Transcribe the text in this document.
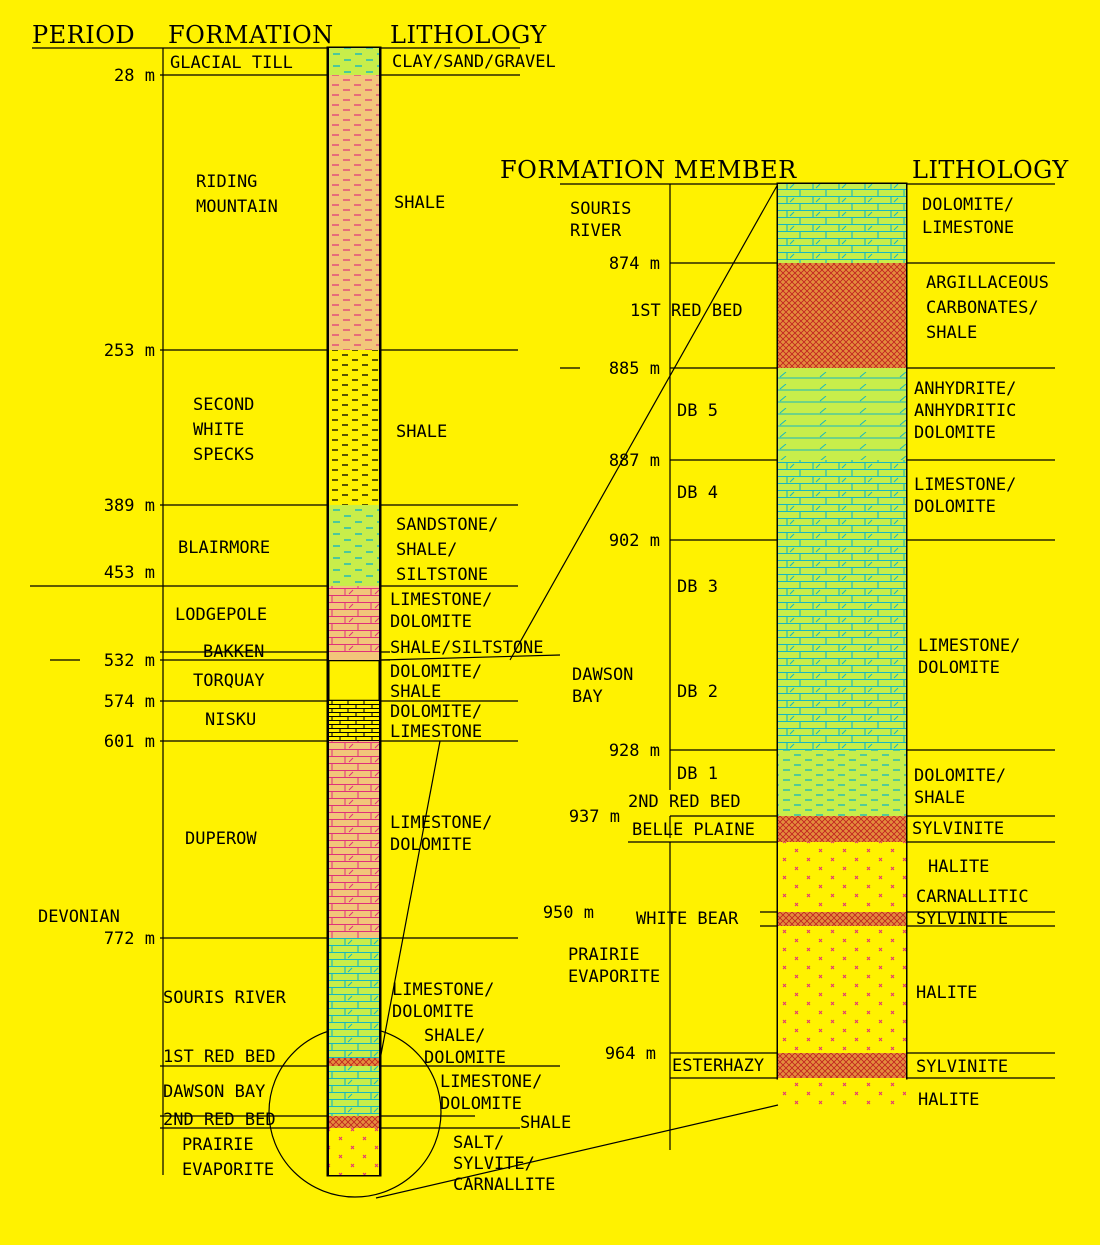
PERIOD FORMATION LITHOLOGY
FORMATION MEMBER	LITHOLOGY
28 m
253 m
389 m
453 m
532 m
574 m
601 m
772 m
DEVONIAN
GLACIAL TILL
RIDING
MOUNTAIN
SECOND
WHITE
SPECKS
BLAIRMORE
LODGEPOLE
BAKKEN
TORQUAY
NISKU
DUPEROW
SOURIS RIVER
1ST RED BED
DAWSON BAY
2ND RED BED
PRAIRIE
EVAPORITE
CLAY/SAND/GRAVEL
SHALE
SHALE
SANDSTONE/
SHALE/
SILTSTONE
LIMESTONE/
DOLOMITE
SHALE/SILTSTONE
DOLOMITE/
SHALE
DOLOMITE/
LIMESTONE
LIMESTONE/
DOLOMITE
LIMESTONE/
DOLOMITE
SHALE/
DOLOMITE
LIMESTONE/
DOLOMITE
SHALE
SALT/
SYLVITE/
CARNALLITE
874 m
885 m
887 m
902 m
928 m
937 m
950 m
964 m
SOURIS
RIVER
DAWSON
BAY
PRAIRIE
EVAPORITE
1ST RED BED
DB 5
DB 4
DB 3
DB 2
DB 1
2ND RED BED
BELLE PLAINE
WHITE BEAR
ESTERHAZY
DOLOMITE/
LIMESTONE
ARGILLACEOUS
CARBONATES/
SHALE
ANHYDRITE/
ANHYDRITIC
DOLOMITE
LIMESTONE/
DOLOMITE
LIMESTONE/
DOLOMITE
DOLOMITE/
SHALE
SYLVINITE
HALITE
CARNALLITIC
SYLVINITE
HALITE
SYLVINITE
HALITE
